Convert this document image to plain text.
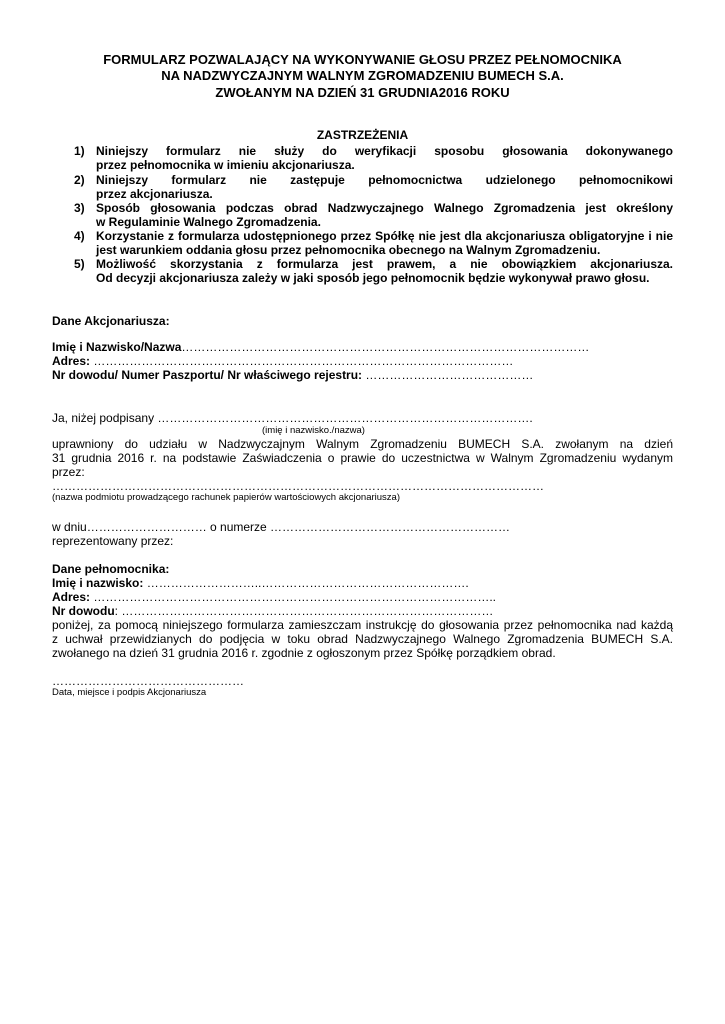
FORMULARZ POZWALAJĄCY NA WYKONYWANIE GŁOSU PRZEZ PEŁNOMOCNIKA
NA NADZWYCZAJNYM WALNYM ZGROMADZENIU BUMECH S.A.
ZWOŁANYM NA DZIEŃ 31 GRUDNIA2016 ROKU
ZASTRZEŻENIA
1) Niniejszy formularz nie służy do weryfikacji sposobu głosowania dokonywanego
przez pełnomocnika w imieniu akcjonariusza.
2) Niniejszy formularz nie zastępuje pełnomocnictwa udzielonego pełnomocnikowi
przez akcjonariusza.
3) Sposób głosowania podczas obrad Nadzwyczajnego Walnego Zgromadzenia jest określony
w Regulaminie Walnego Zgromadzenia.
4) Korzystanie z formularza udostępnionego przez Spółkę nie jest dla akcjonariusza obligatoryjne i nie
jest warunkiem oddania głosu przez pełnomocnika obecnego na Walnym Zgromadzeniu.
5) Możliwość skorzystania z formularza jest prawem, a nie obowiązkiem akcjonariusza.
Od decyzji akcjonariusza zależy w jaki sposób jego pełnomocnik będzie wykonywał prawo głosu.
Dane Akcjonariusza:
Imię i Nazwisko/Nazwa…………………………………………………………………………………………
Adres: ……………………………………………………………………………………………
Nr dowodu/ Numer Paszportu/ Nr właściwego rejestru: ……………………………………
Ja, niżej podpisany ………………………………………………………………………………….
(imię i nazwisko./nazwa)
uprawniony do udziału w Nadzwyczajnym Walnym Zgromadzeniu BUMECH S.A. zwołanym na dzień
31 grudnia 2016 r. na podstawie Zaświadczenia o prawie do uczestnictwa w Walnym Zgromadzeniu wydanym
przez:
……………………………………………………………………………………………………………
(nazwa podmiotu prowadzącego rachunek papierów wartościowych akcjonariusza)
w dniu………………………… o numerze ……………………………………………………
reprezentowany przez:
Dane pełnomocnika:
Imię i nazwisko: ………………………..…………………………………………….
Adres: ………………………………………………………………………………………..
Nr dowodu: …………………………………………………………………………………
poniżej, za pomocą niniejszego formularza zamieszczam instrukcję do głosowania przez pełnomocnika nad każdą
z uchwał przewidzianych do podjęcia w toku obrad Nadzwyczajnego Walnego Zgromadzenia BUMECH S.A.
zwołanego na dzień 31 grudnia 2016 r. zgodnie z ogłoszonym przez Spółkę porządkiem obrad.
…………………………………………
Data, miejsce i podpis Akcjonariusza
